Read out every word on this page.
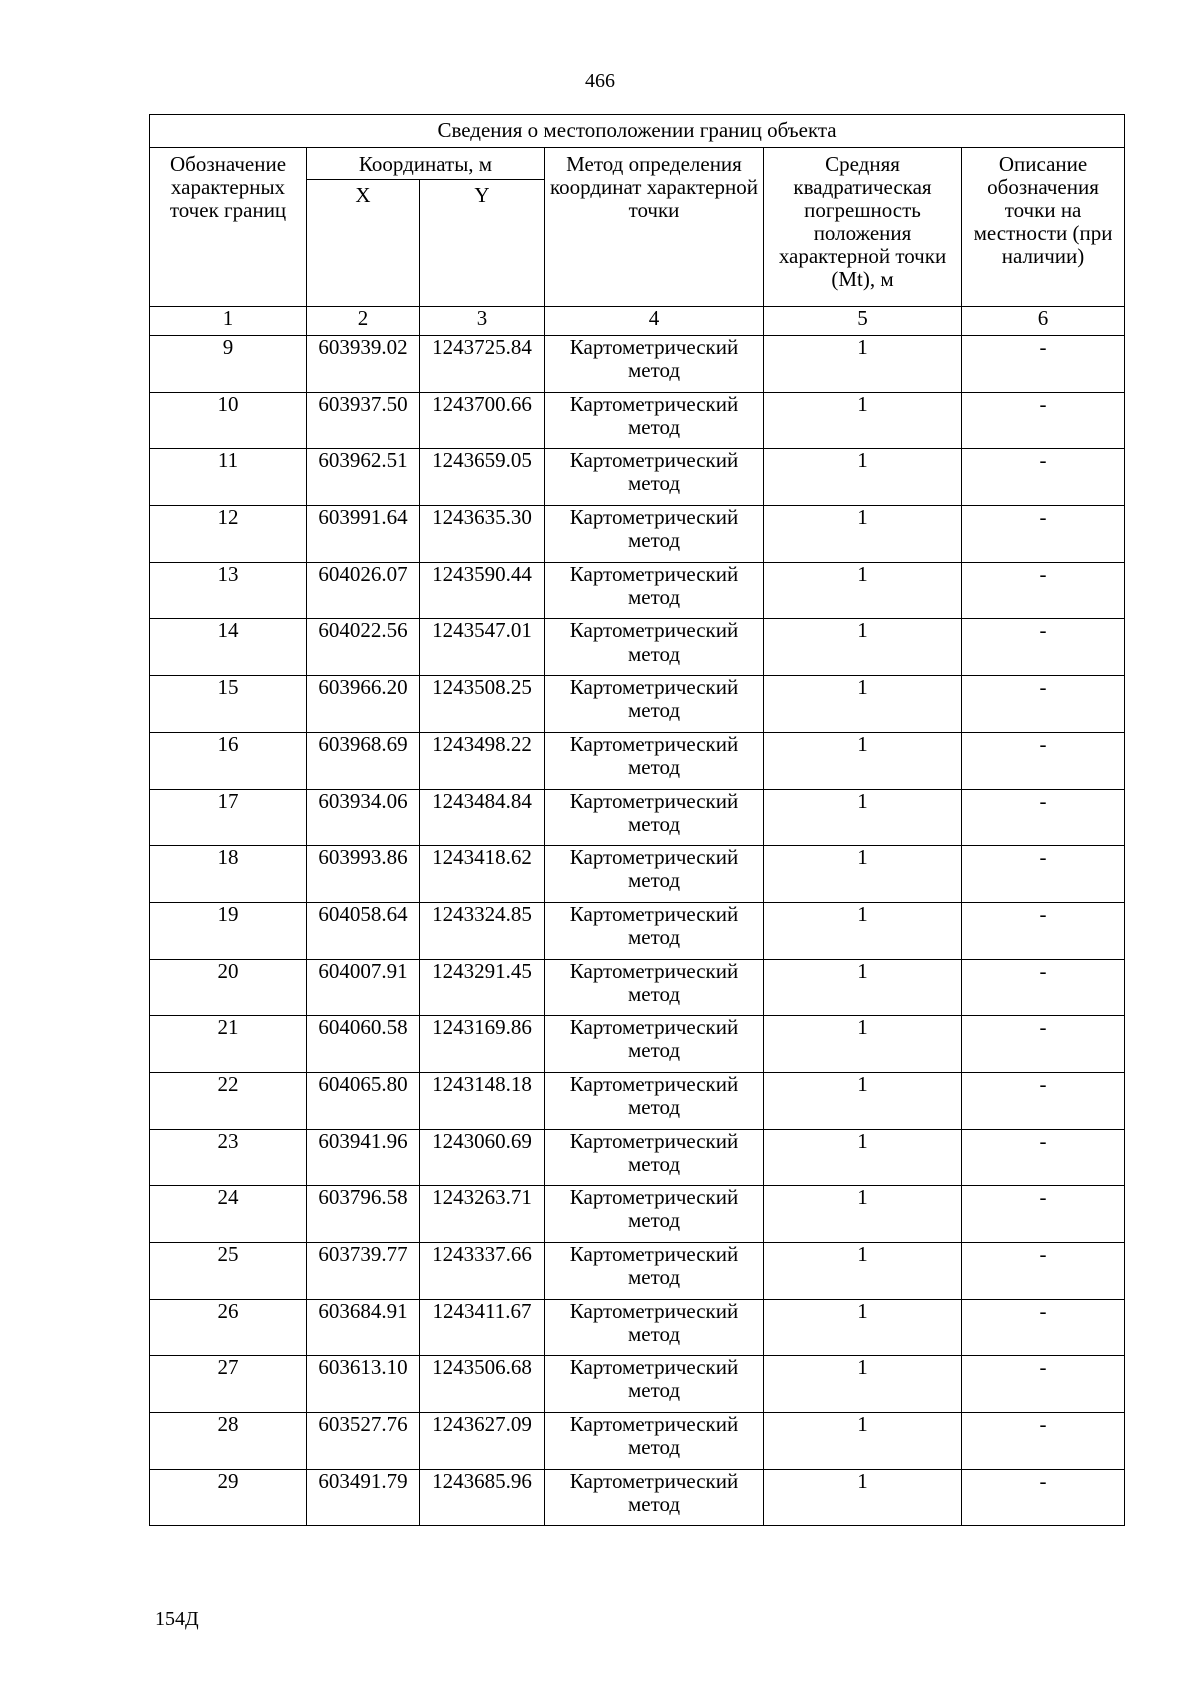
466
Сведения о местоположении границ объекта					
Обозначение характерных точек границ	Координаты, м		Метод определения координат характерной точки	Средняя квадратическая погрешность положения характерной точки (Mt), м	Описание обозначения точки на местности (при наличии)
	X	Y			
1	2	3	4	5	6
9	603939.02	1243725.84	Картометрический метод	1	-
10	603937.50	1243700.66	Картометрический метод	1	-
11	603962.51	1243659.05	Картометрический метод	1	-
12	603991.64	1243635.30	Картометрический метод	1	-
13	604026.07	1243590.44	Картометрический метод	1	-
14	604022.56	1243547.01	Картометрический метод	1	-
15	603966.20	1243508.25	Картометрический метод	1	-
16	603968.69	1243498.22	Картометрический метод	1	-
17	603934.06	1243484.84	Картометрический метод	1	-
18	603993.86	1243418.62	Картометрический метод	1	-
19	604058.64	1243324.85	Картометрический метод	1	-
20	604007.91	1243291.45	Картометрический метод	1	-
21	604060.58	1243169.86	Картометрический метод	1	-
22	604065.80	1243148.18	Картометрический метод	1	-
23	603941.96	1243060.69	Картометрический метод	1	-
24	603796.58	1243263.71	Картометрический метод	1	-
25	603739.77	1243337.66	Картометрический метод	1	-
26	603684.91	1243411.67	Картометрический метод	1	-
27	603613.10	1243506.68	Картометрический метод	1	-
28	603527.76	1243627.09	Картометрический метод	1	-
29	603491.79	1243685.96	Картометрический метод	1	-
154Д
